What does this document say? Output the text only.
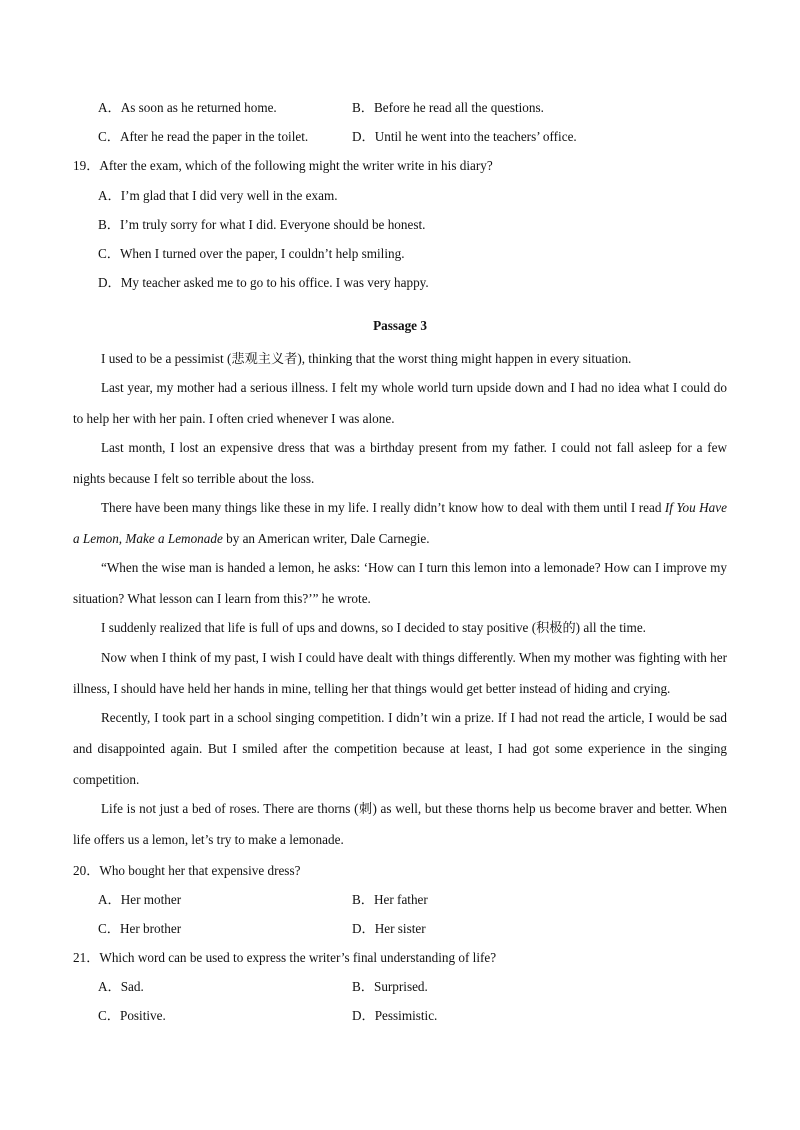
A．As soon as he returned home.	B．Before he read all the questions.
C．After he read the paper in the toilet.	D．Until he went into the teachers’ office.
19．After the exam, which of the following might the writer write in his diary?
A．I’m glad that I did very well in the exam.
B．I’m truly sorry for what I did. Everyone should be honest.
C．When I turned over the paper, I couldn’t help smiling.
D．My teacher asked me to go to his office. I was very happy.
Passage 3
I used to be a pessimist (悲观主义者), thinking that the worst thing might happen in every situation.
Last year, my mother had a serious illness. I felt my whole world turn upside down and I had no idea what I could do to help her with her pain. I often cried whenever I was alone.
Last month, I lost an expensive dress that was a birthday present from my father. I could not fall asleep for a few nights because I felt so terrible about the loss.
There have been many things like these in my life. I really didn’t know how to deal with them until I read If You Have a Lemon, Make a Lemonade by an American writer, Dale Carnegie.
“When the wise man is handed a lemon, he asks: ‘How can I turn this lemon into a lemonade? How can I improve my situation? What lesson can I learn from this?’” he wrote.
I suddenly realized that life is full of ups and downs, so I decided to stay positive (积极的) all the time.
Now when I think of my past, I wish I could have dealt with things differently. When my mother was fighting with her illness, I should have held her hands in mine, telling her that things would get better instead of hiding and crying.
Recently, I took part in a school singing competition. I didn’t win a prize. If I had not read the article, I would be sad and disappointed again. But I smiled after the competition because at least, I had got some experience in the singing competition.
Life is not just a bed of roses. There are thorns (刺) as well, but these thorns help us become braver and better. When life offers us a lemon, let’s try to make a lemonade.
20．Who bought her that expensive dress?
A．Her mother	B．Her father
C．Her brother	D．Her sister
21．Which word can be used to express the writer’s final understanding of life?
A．Sad.	B．Surprised.
C．Positive.	D．Pessimistic.
